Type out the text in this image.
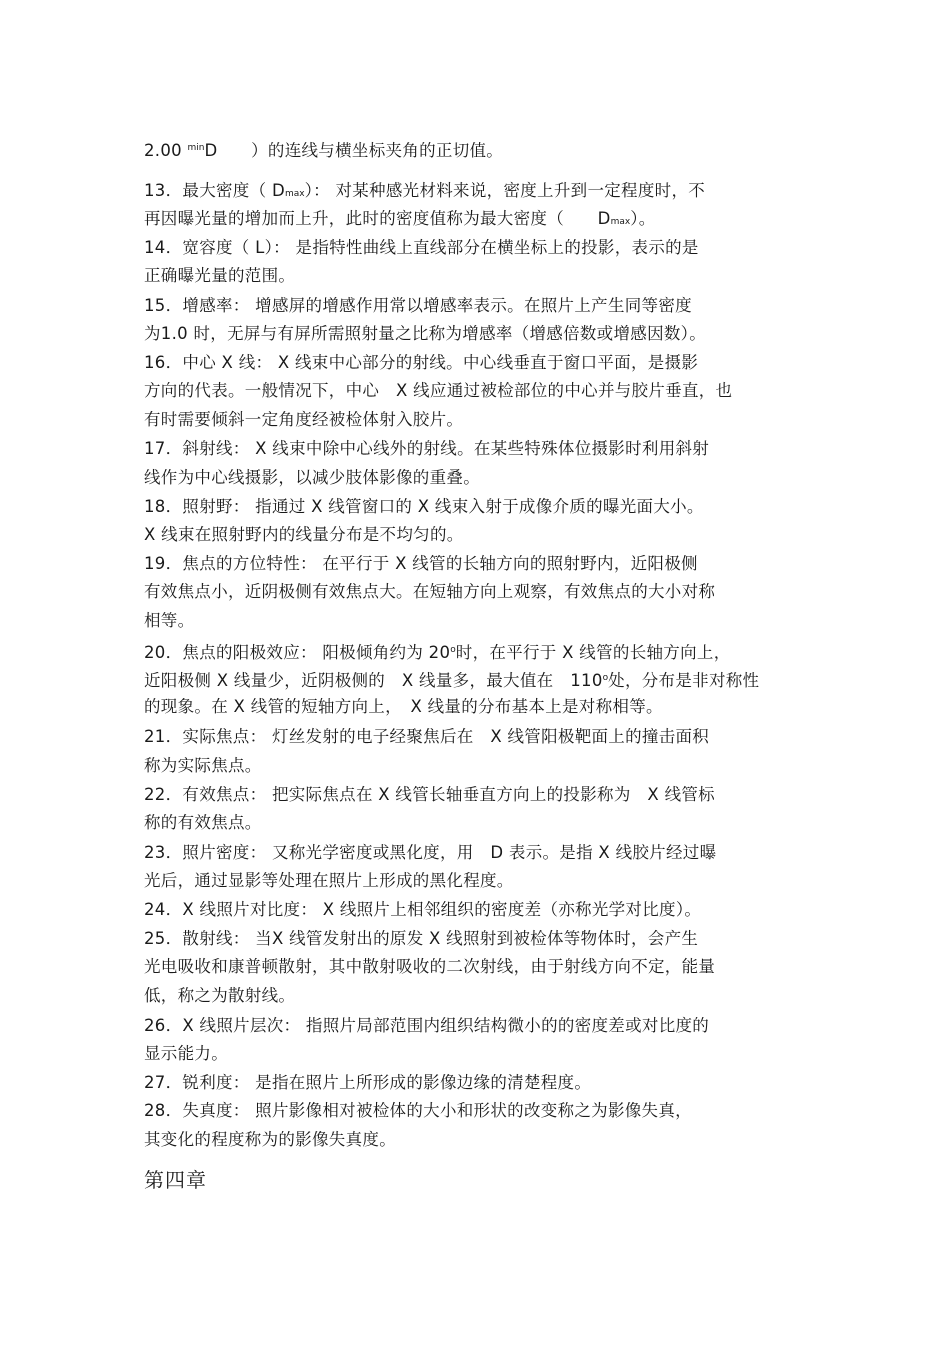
2.00 $^{min}$D　　 ）的连线与横坐标夹角的正切值。
13．最大密度（ Dmax）： 对某种感光材料来说，密度上升到一定程度时，不
再因曝光量的增加而上升，此时的密度值称为最大密度（　　Dmax）。
14．宽容度（ L）： 是指特性曲线上直线部分在横坐标上的投影，表示的是
正确曝光量的范围。
15．增感率： 增感屏的增感作用常以增感率表示。在照片上产生同等密度
为1.0 时，无屏与有屏所需照射量之比称为增感率（增感倍数或增感因数）。
16．中心 X 线： X 线束中心部分的射线。中心线垂直于窗口平面，是摄影
方向的代表。一般情况下，中心　X 线应通过被检部位的中心并与胶片垂直，也
有时需要倾斜一定角度经被检体射入胶片。
17．斜射线： X 线束中除中心线外的射线。在某些特殊体位摄影时利用斜射
线作为中心线摄影，以减少肢体影像的重叠。
18．照射野： 指通过 X 线管窗口的 X 线束入射于成像介质的曝光面大小。
X 线束在照射野内的线量分布是不均匀的。
19．焦点的方位特性： 在平行于 X 线管的长轴方向的照射野内，近阳极侧
有效焦点小，近阴极侧有效焦点大。在短轴方向上观察，有效焦点的大小对称
相等。
20．焦点的阳极效应： 阳极倾角约为 20$^o$时，在平行于 X 线管的长轴方向上，
近阳极侧 X 线量少，近阴极侧的　X 线量多，最大值在　110$^o$处，分布是非对称性
的现象。在 X 线管的短轴方向上，　X 线量的分布基本上是对称相等。
21．实际焦点： 灯丝发射的电子经聚焦后在　X 线管阳极靶面上的撞击面积
称为实际焦点。
22．有效焦点： 把实际焦点在 X 线管长轴垂直方向上的投影称为　X 线管标
称的有效焦点。
23．照片密度： 又称光学密度或黑化度，用　D 表示。是指 X 线胶片经过曝
光后，通过显影等处理在照片上形成的黑化程度。
24．X 线照片对比度： X 线照片上相邻组织的密度差（亦称光学对比度）。
25．散射线： 当X 线管发射出的原发 X 线照射到被检体等物体时，会产生
光电吸收和康普顿散射，其中散射吸收的二次射线，由于射线方向不定，能量
低，称之为散射线。
26．X 线照片层次： 指照片局部范围内组织结构微小的的密度差或对比度的
显示能力。
27．锐利度： 是指在照片上所形成的影像边缘的清楚程度。
28．失真度： 照片影像相对被检体的大小和形状的改变称之为影像失真，
其变化的程度称为的影像失真度。
第四章
